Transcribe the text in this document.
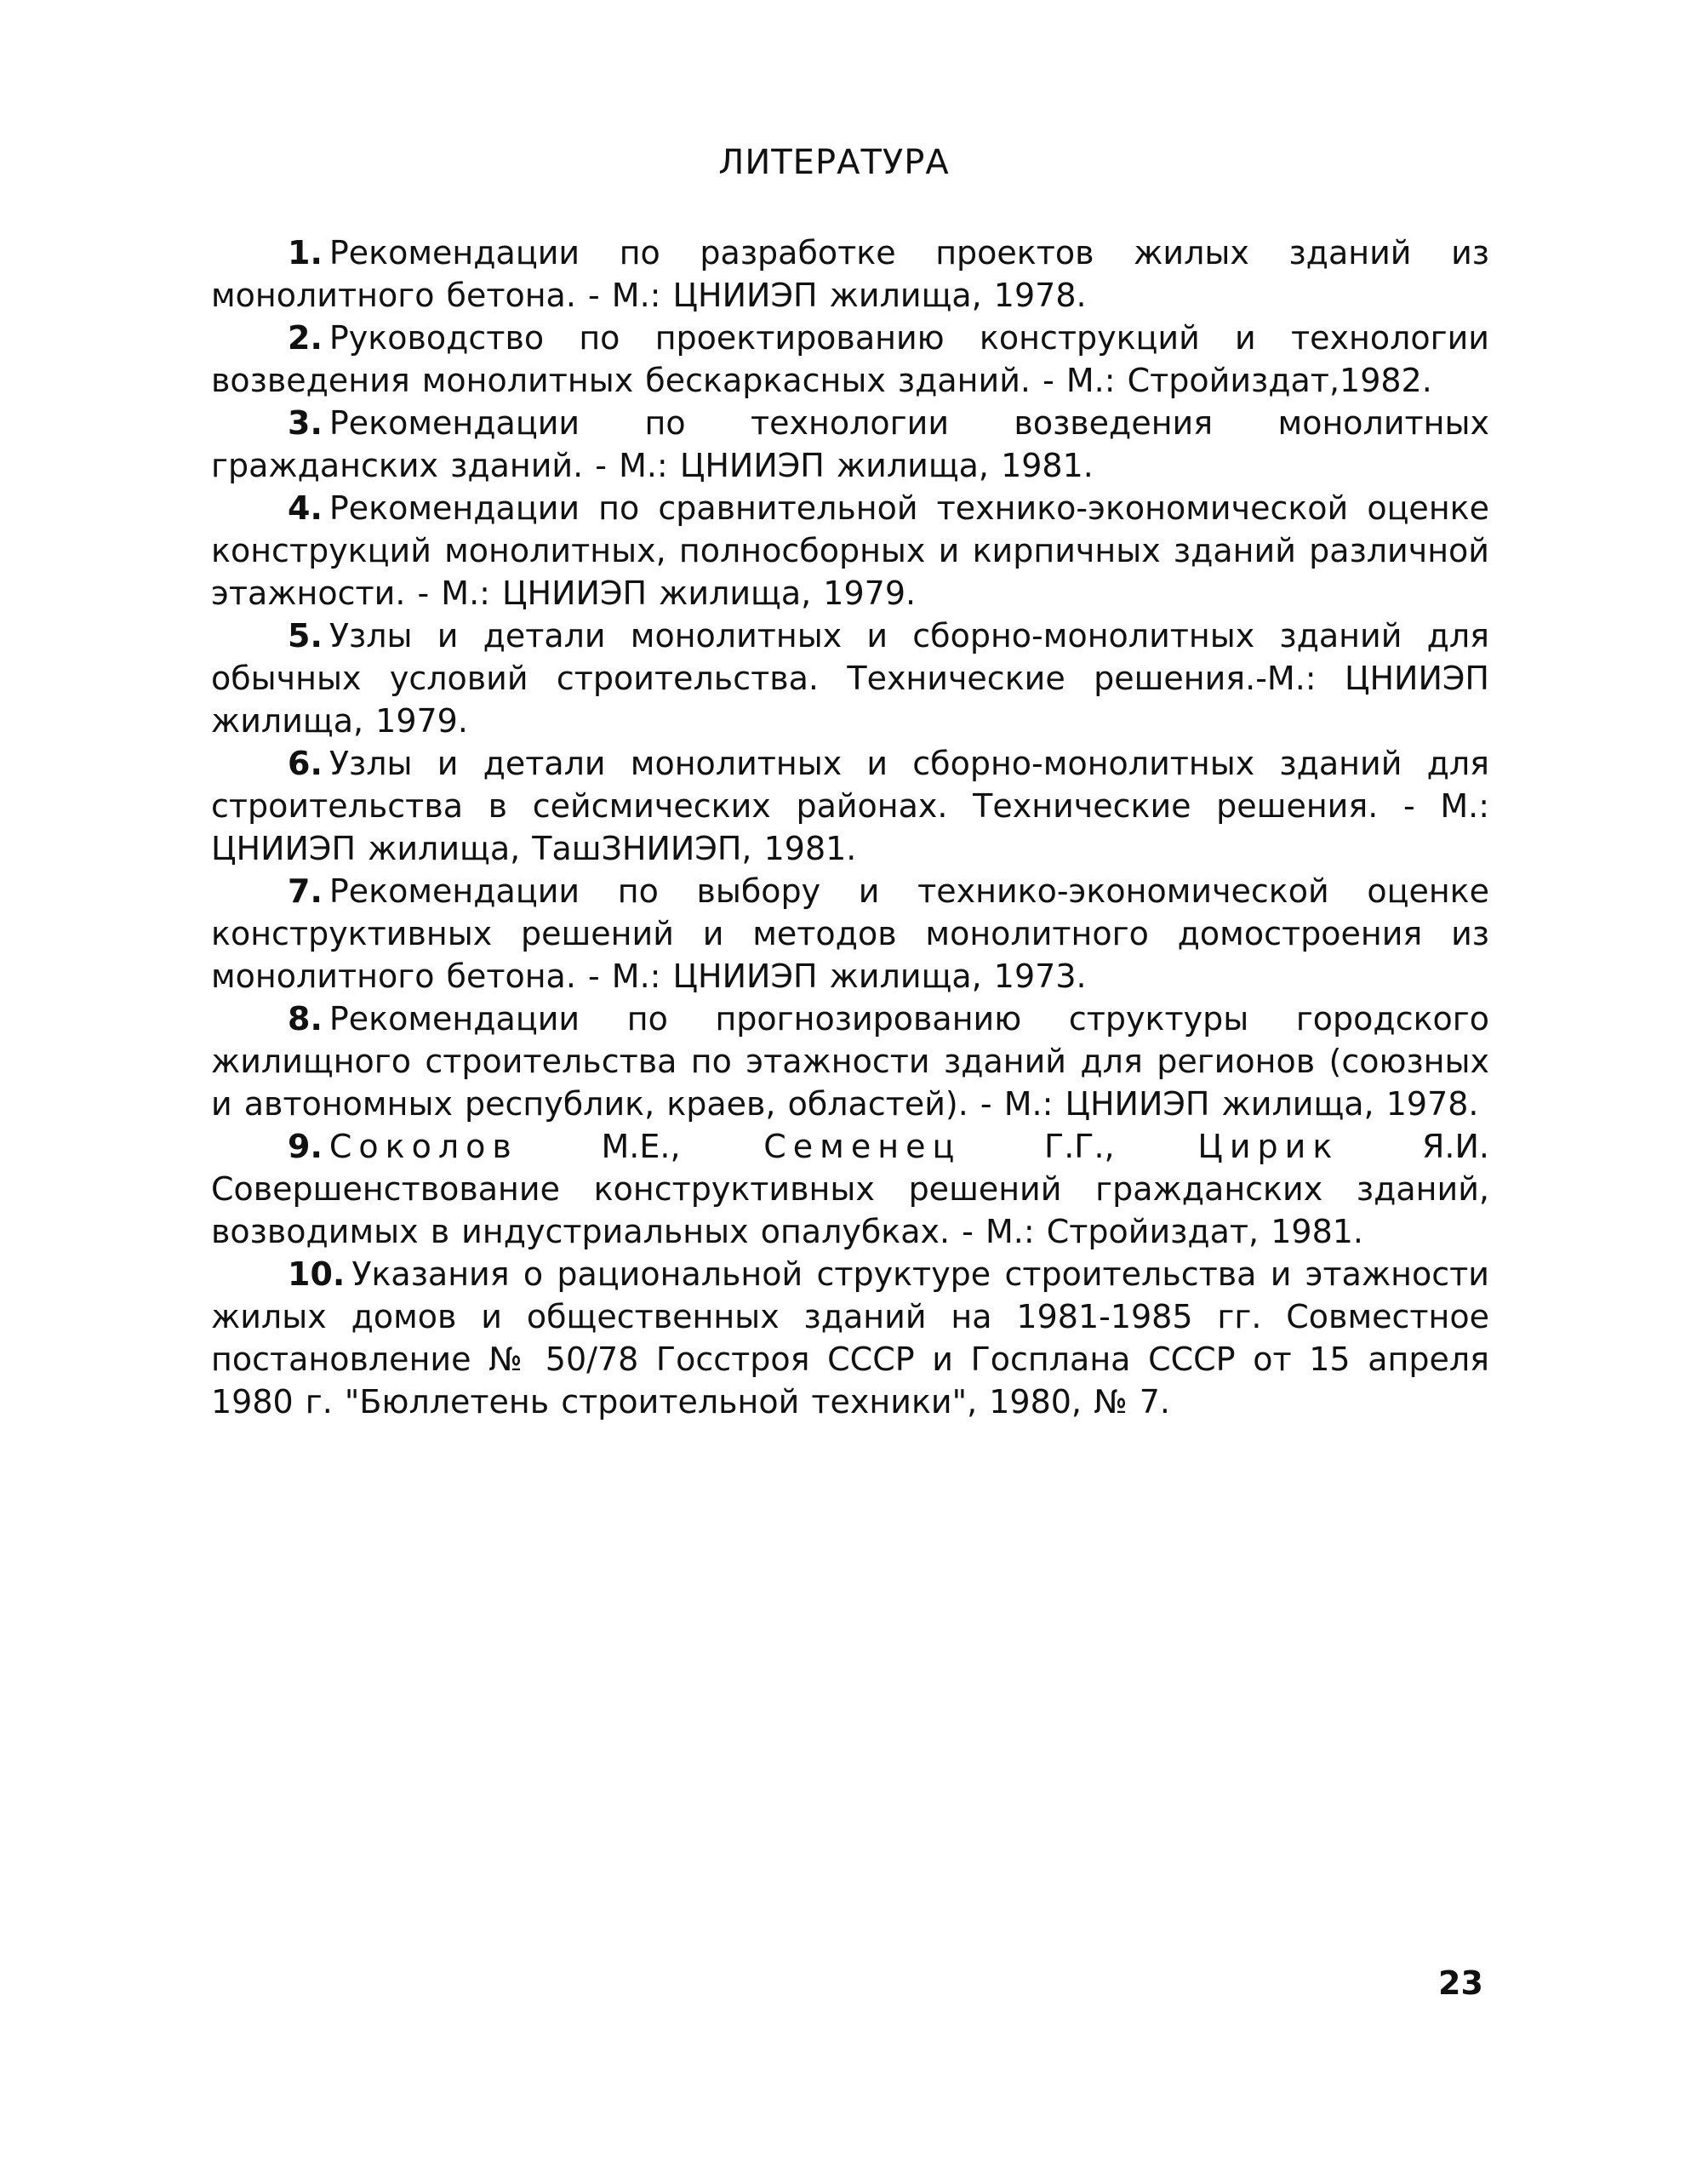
ЛИТЕРАТУРА
1. Рекомендации по разработке проектов жилых зданий из монолитного бетона. - М.: ЦНИИЭП жилища, 1978.
2. Руководство по проектированию конструкций и технологии возведения монолитных бескаркасных зданий. - М.: Стройиздат,1982.
3. Рекомендации по технологии возведения монолитных гражданских зданий. - М.: ЦНИИЭП жилища, 1981.
4. Рекомендации по сравнительной технико-экономической оценке конструкций монолитных, полносборных и кирпичных зданий различной этажности. - М.: ЦНИИЭП жилища, 1979.
5. Узлы и детали монолитных и сборно-монолитных зданий для обычных условий строительства. Технические решения.-М.: ЦНИИЭП жилища, 1979.
6. Узлы и детали монолитных и сборно-монолитных зданий для строительства в сейсмических районах. Технические решения. - М.: ЦНИИЭП жилища, ТашЗНИИЭП, 1981.
7. Рекомендации по выбору и технико-экономической оценке конструктивных решений и методов монолитного домостроения из монолитного бетона. - М.: ЦНИИЭП жилища, 1973.
8. Рекомендации по прогнозированию структуры городского жилищного строительства по этажности зданий для регионов (союзных и автономных республик, краев, областей). - М.: ЦНИИЭП жилища, 1978.
9. Соколов	М.Е.,	Семенец	Г.Г.,	Цирик	Я.И. Совершенствование конструктивных решений гражданских зданий, возводимых в индустриальных опалубках. - М.: Стройиздат, 1981.
10. Указания о рациональной структуре строительства и этажности жилых домов и общественных зданий на 1981-1985 гг. Совместное постановление № 50/78 Госстроя СССР и Госплана СССР от 15 апреля 1980 г. "Бюллетень строительной техники", 1980, № 7.
23
